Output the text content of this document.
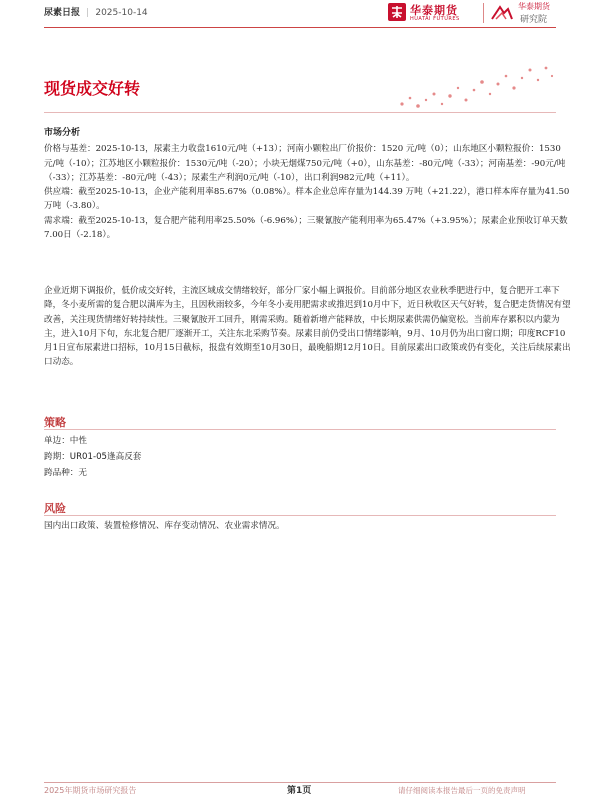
尿素日报 | 2025-10-14	华泰期货
HUATAI FUTURES
华泰期货
研究院
现货成交好转
市场分析

价格与基差：2025-10-13，尿素主力收盘1610元/吨（+13）；河南小颗粒出厂价报价：1520 元/吨（0）；山东地区小颗粒报价：1530元/吨（-10）；江苏地区小颗粒报价：1530元/吨（-20）；小块无烟煤750元/吨（+0），山东基差：-80元/吨（-33）；河南基差：-90元/吨（-33）；江苏基差：-80元/吨（-43）；尿素生产利润0元/吨（-10），出口利润982元/吨（+11）。

供应端：截至2025-10-13，企业产能利用率85.67%（0.08%）。样本企业总库存量为144.39 万吨（+21.22），港口样本库存量为41.50 万吨（-3.80）。

需求端：截至2025-10-13，复合肥产能利用率25.50%（-6.96%）；三聚氰胺产能利用率为65.47%（+3.95%）；尿素企业预收订单天数7.00日（-2.18）。

企业近期下调报价，低价成交好转，主流区域成交情绪较好，部分厂家小幅上调报价。目前部分地区农业秋季肥进行中，复合肥开工率下降，冬小麦所需的复合肥以满库为主，且因秋雨较多，今年冬小麦用肥需求或推迟到10月中下，近日秋收区天气好转，复合肥走货情况有望改善，关注现货情绪好转持续性。三聚氰胺开工回升，刚需采购。随着新增产能释放，中长期尿素供需仍偏宽松。当前库存累积以内蒙为主，进入10月下旬，东北复合肥厂逐渐开工，关注东北采购节奏。尿素目前仍受出口情绪影响，9月、10月仍为出口窗口期；印度RCF10月1日宣布尿素进口招标，10月15日截标，报盘有效期至10月30日，最晚船期12月10日。目前尿素出口政策或仍有变化，关注后续尿素出口动态。

策略
单边：中性
跨期：UR01-05逢高反套
跨品种：无
风险
国内出口政策、装置检修情况、库存变动情况、农业需求情况。
2025年期货市场研究报告	第1页	请仔细阅读本报告最后一页的免责声明
